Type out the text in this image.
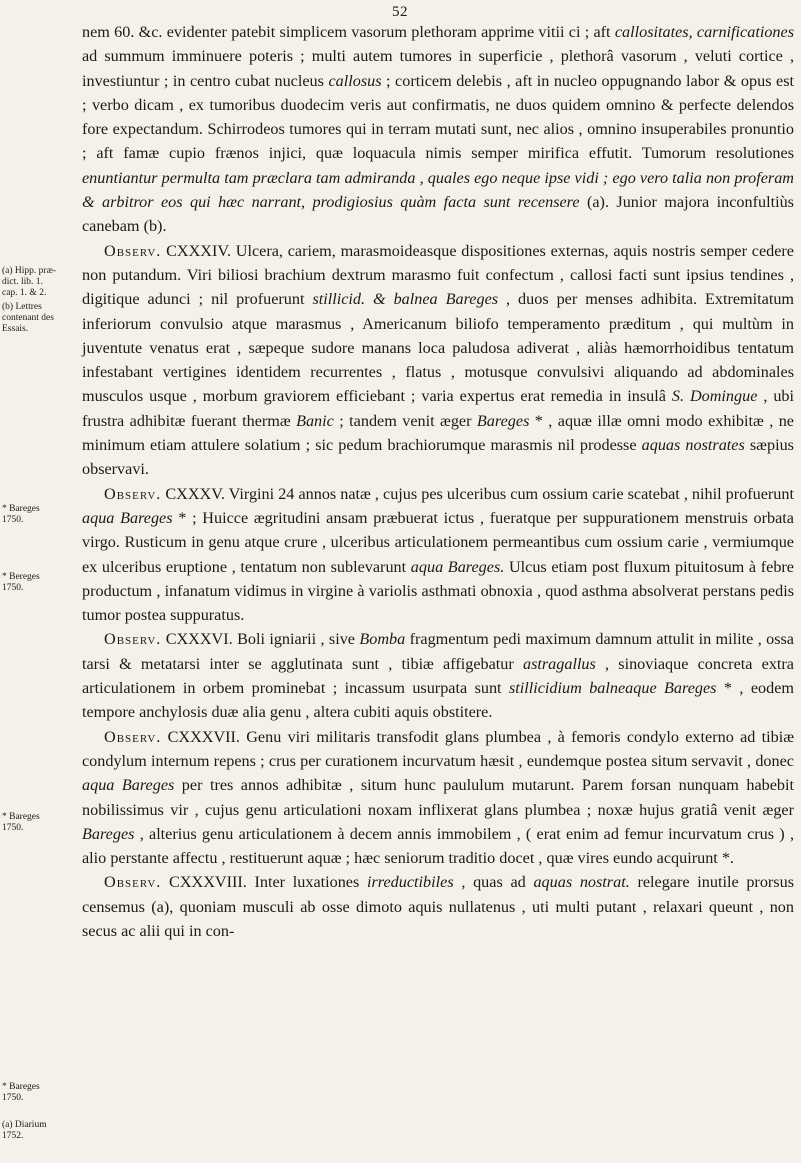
52
(a) Hipp. præ-
dict. lib. 1.
cap. 1. & 2.
(b) Lettres
contenant des
Essais.
* Bareges
1750.
* Bereges
1750.
* Bareges
1750.
* Bareges
1750.
(a) Diarium
1752.

nem 60. &c. evidenter patebit simplicem vasorum plethoram apprime vitii ci ; aft callositates, carnificationes ad summum imminuere poteris ; multi autem tumores in superficie , plethorâ vasorum , veluti cortice , investiuntur ; in centro cubat nucleus callosus ; corticem delebis , aft in nucleo oppugnando labor & opus est ; verbo dicam , ex tumoribus duodecim veris aut confirmatis, ne duos quidem omnino & perfecte delendos fore expectandum. Schirrodeos tumores qui in terram mutati sunt, nec alios , omnino insuperabiles pronuntio ; aft famæ cupio frænos injici, quæ loquacula nimis semper mirifica effutit. Tumorum resolutiones enuntiantur permulta tam præclara tam admiranda , quales ego neque ipse vidi ; ego vero talia non proferam & arbitror eos qui hæc narrant, prodigiosius quàm facta sunt recensere (a). Junior majora inconfultiùs canebam (b).

Observ. CXXXIV. Ulcera, cariem, marasmoideasque dispositiones externas, aquis nostris semper cedere non putandum. Viri biliosi brachium dextrum marasmo fuit confectum , callosi facti sunt ipsius tendines , digitique adunci ; nil profuerunt stillicid. & balnea Bareges , duos per menses adhibita. Extremitatum inferiorum convulsio atque marasmus , Americanum biliofo temperamento præditum , qui multùm in juventute venatus erat , sæpeque sudore manans loca paludosa adiverat , aliàs hæmorrhoidibus tentatum infestabant vertigines identidem recurrentes , flatus , motusque convulsivi aliquando ad abdominales musculos usque , morbum graviorem efficiebant ; varia expertus erat remedia in insulâ S. Domingue , ubi frustra adhibitæ fuerant thermæ Banic ; tandem venit æger Bareges * , aquæ illæ omni modo exhibitæ , ne minimum etiam attulere solatium ; sic pedum brachiorumque marasmis nil prodesse aquas nostrates sæpius observavi.

Observ. CXXXV. Virgini 24 annos natæ , cujus pes ulceribus cum ossium carie scatebat , nihil profuerunt aqua Bareges * ; Huicce ægritudini ansam præbuerat ictus , fueratque per suppurationem menstruis orbata virgo. Rusticum in genu atque crure , ulceribus articulationem permeantibus cum ossium carie , vermiumque ex ulceribus eruptione , tentatum non sublevarunt aqua Bareges. Ulcus etiam post fluxum pituitosum à febre productum , infanatum vidimus in virgine à variolis asthmati obnoxia , quod asthma absolverat perstans pedis tumor postea suppuratus.

Observ. CXXXVI. Boli igniarii , sive Bomba fragmentum pedi maximum damnum attulit in milite , ossa tarsi & metatarsi inter se agglutinata sunt , tibiæ affigebatur astragallus , sinoviaque concreta extra articulationem in orbem prominebat ; incassum usurpata sunt stillicidium balneaque Bareges * , eodem tempore anchylosis duæ alia genu , altera cubiti aquis obstitere.

Observ. CXXXVII. Genu viri militaris transfodit glans plumbea , à femoris condylo externo ad tibiæ condylum internum repens ; crus per curationem incurvatum hæsit , eundemque postea situm servavit , donec aqua Bareges per tres annos adhibitæ , situm hunc paululum mutarunt. Parem forsan nunquam habebit nobilissimus vir , cujus genu articulationi noxam inflixerat glans plumbea ; noxæ hujus gratiâ venit æger Bareges , alterius genu articulationem à decem annis immobilem , ( erat enim ad femur incurvatum crus ) , alio perstante affectu , restituerunt aquæ ; hæc seniorum traditio docet , quæ vires eundo acquirunt *.

Observ. CXXXVIII. Inter luxationes irreductibiles , quas ad aquas nostrat. relegare inutile prorsus censemus (a), quoniam musculi ab osse dimoto aquis nullatenus , uti multi putant , relaxari queunt , non secus ac alii qui in con-
